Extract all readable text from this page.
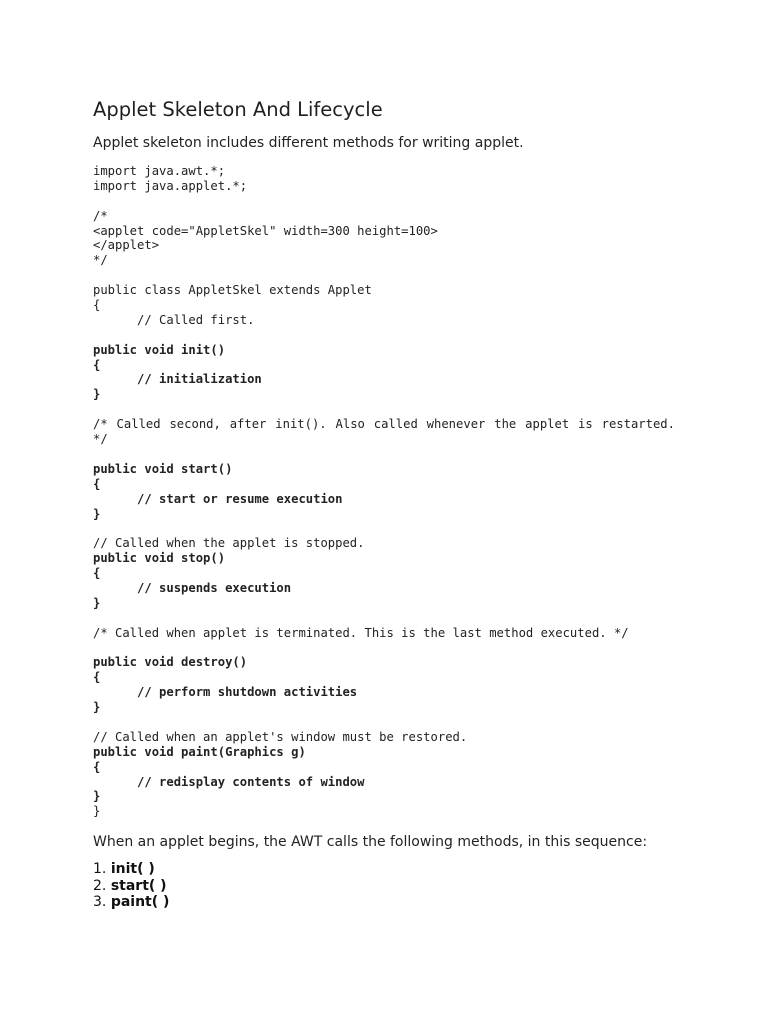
Applet Skeleton And Lifecycle

Applet skeleton includes different methods for writing applet.

import java.awt.*;
import java.applet.*;
/*
<applet code="AppletSkel" width=300 height=100>
</applet>
*/
public class AppletSkel extends Applet
{
// Called first.
public void init()
{
// initialization
}
/* Called second, after init(). Also called whenever the applet is restarted. */
public void start()
{
// start or resume execution
}
// Called when the applet is stopped.
public void stop()
{
// suspends execution
}
/* Called when applet is terminated. This is the last method executed. */
public void destroy()
{
// perform shutdown activities
}
// Called when an applet's window must be restored.
public void paint(Graphics g)
{
// redisplay contents of window
}
}

When an applet begins, the AWT calls the following methods, in this sequence:

1. init( )
2. start( )
3. paint( )
